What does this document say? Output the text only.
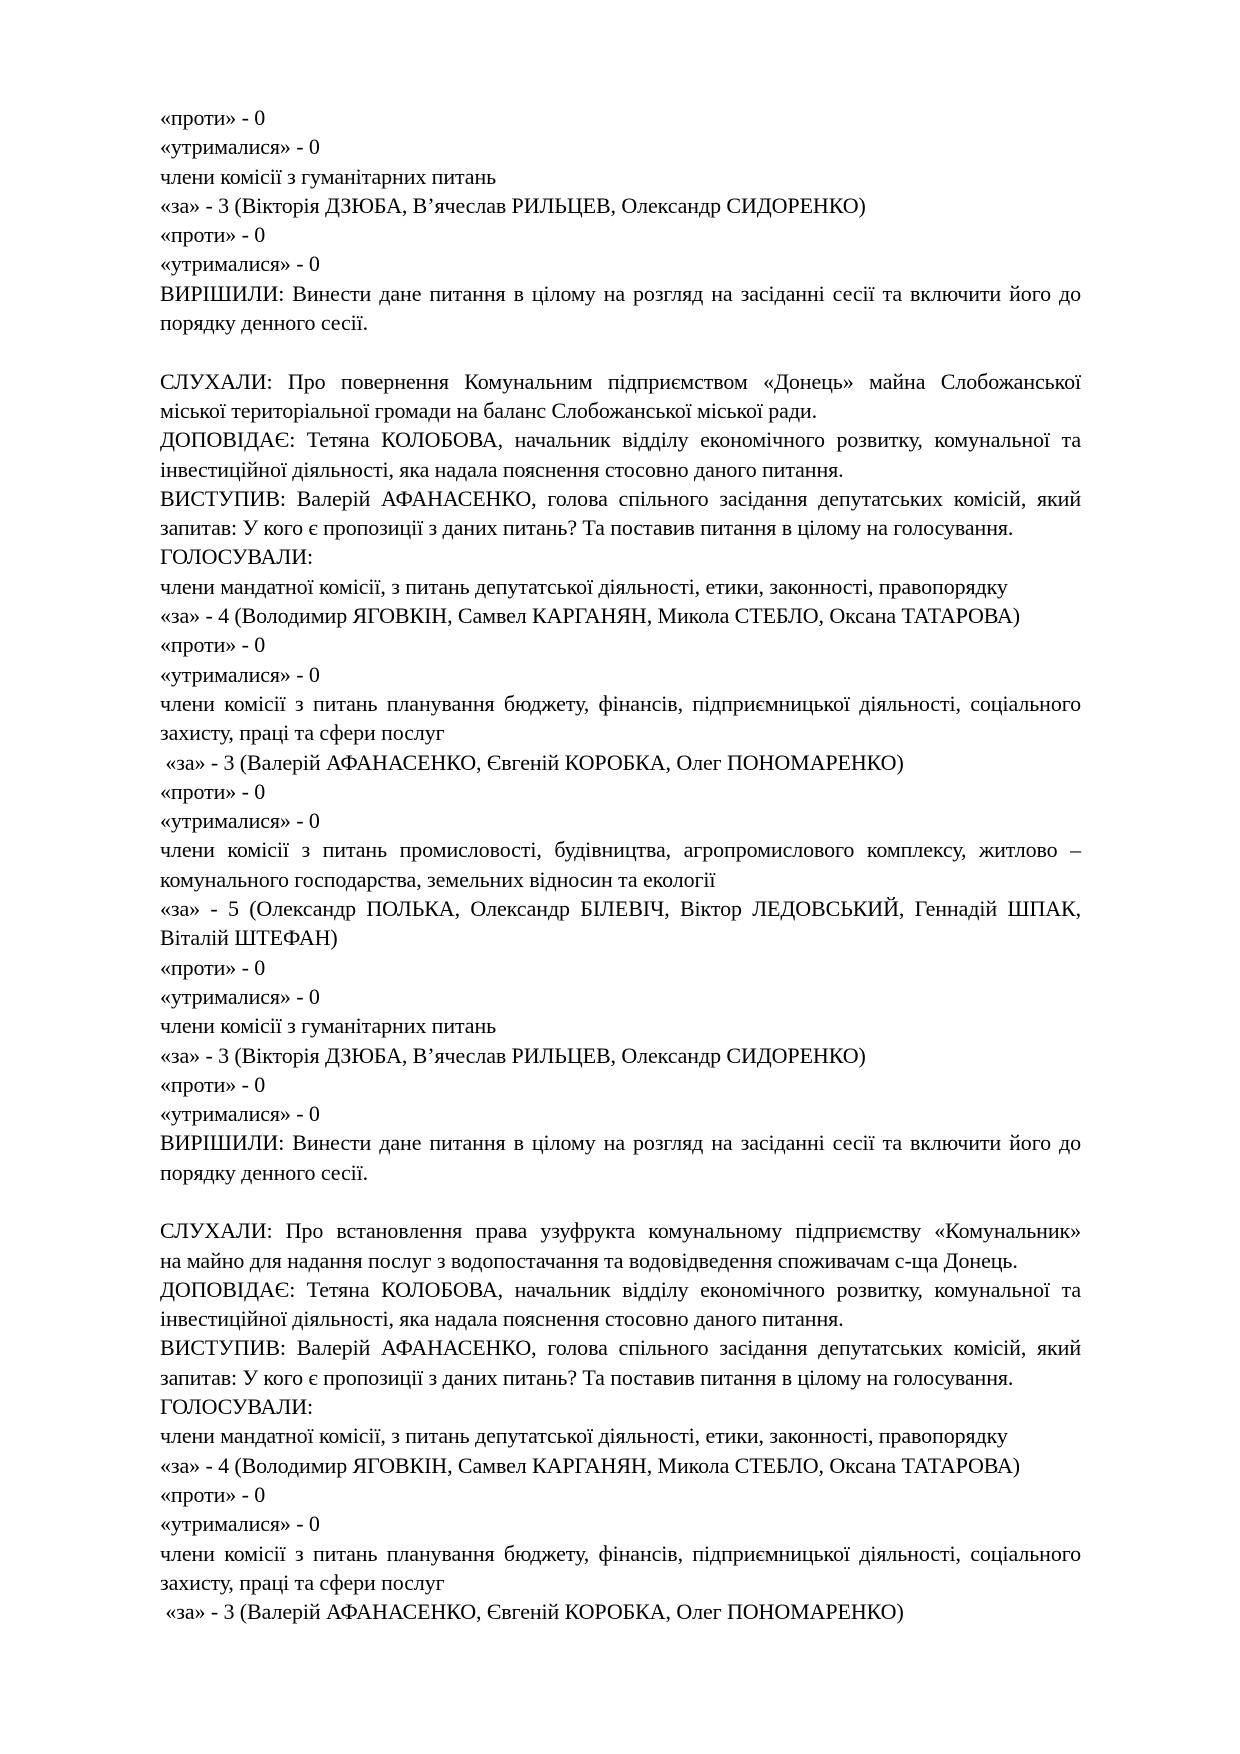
«проти» - 0
«утрималися» - 0
члени комісії з гуманітарних питань
«за» - 3 (Вікторія ДЗЮБА, В’ячеслав РИЛЬЦЕВ, Олександр СИДОРЕНКО)
«проти» - 0
«утрималися» - 0
ВИРІШИЛИ: Винести дане питання в цілому на розгляд на засіданні сесії та включити його до
порядку денного сесії.

СЛУХАЛИ: Про повернення Комунальним підприємством «Донець» майна Слобожанської
міської територіальної громади на баланс Слобожанської міської ради.
ДОПОВІДАЄ: Тетяна КОЛОБОВА, начальник відділу економічного розвитку, комунальної та
інвестиційної діяльності, яка надала пояснення стосовно даного питання.
ВИСТУПИВ: Валерій АФАНАСЕНКО, голова спільного засідання депутатських комісій, який
запитав: У кого є пропозиції з даних питань? Та поставив питання в цілому на голосування.
ГОЛОСУВАЛИ:
члени мандатної комісії, з питань депутатської діяльності, етики, законності, правопорядку
«за» - 4 (Володимир ЯГОВКІН, Самвел КАРГАНЯН, Микола СТЕБЛО, Оксана ТАТАРОВА)
«проти» - 0
«утрималися» - 0
члени комісії з питань планування бюджету, фінансів, підприємницької діяльності, соціального
захисту, праці та сфери послуг
«за» - 3 (Валерій АФАНАСЕНКО, Євгеній КОРОБКА, Олег ПОНОМАРЕНКО)
«проти» - 0
«утрималися» - 0
члени комісії з питань промисловості, будівництва, агропромислового комплексу, житлово –
комунального господарства, земельних відносин та екології
«за» - 5 (Олександр ПОЛЬКА, Олександр БІЛЕВІЧ, Віктор ЛЕДОВСЬКИЙ, Геннадій ШПАК,
Віталій ШТЕФАН)
«проти» - 0
«утрималися» - 0
члени комісії з гуманітарних питань
«за» - 3 (Вікторія ДЗЮБА, В’ячеслав РИЛЬЦЕВ, Олександр СИДОРЕНКО)
«проти» - 0
«утрималися» - 0
ВИРІШИЛИ: Винести дане питання в цілому на розгляд на засіданні сесії та включити його до
порядку денного сесії.

СЛУХАЛИ: Про встановлення права узуфрукта комунальному підприємству «Комунальник»
на майно для надання послуг з водопостачання та водовідведення споживачам с-ща Донець.
ДОПОВІДАЄ: Тетяна КОЛОБОВА, начальник відділу економічного розвитку, комунальної та
інвестиційної діяльності, яка надала пояснення стосовно даного питання.
ВИСТУПИВ: Валерій АФАНАСЕНКО, голова спільного засідання депутатських комісій, який
запитав: У кого є пропозиції з даних питань? Та поставив питання в цілому на голосування.
ГОЛОСУВАЛИ:
члени мандатної комісії, з питань депутатської діяльності, етики, законності, правопорядку
«за» - 4 (Володимир ЯГОВКІН, Самвел КАРГАНЯН, Микола СТЕБЛО, Оксана ТАТАРОВА)
«проти» - 0
«утрималися» - 0
члени комісії з питань планування бюджету, фінансів, підприємницької діяльності, соціального
захисту, праці та сфери послуг
«за» - 3 (Валерій АФАНАСЕНКО, Євгеній КОРОБКА, Олег ПОНОМАРЕНКО)
